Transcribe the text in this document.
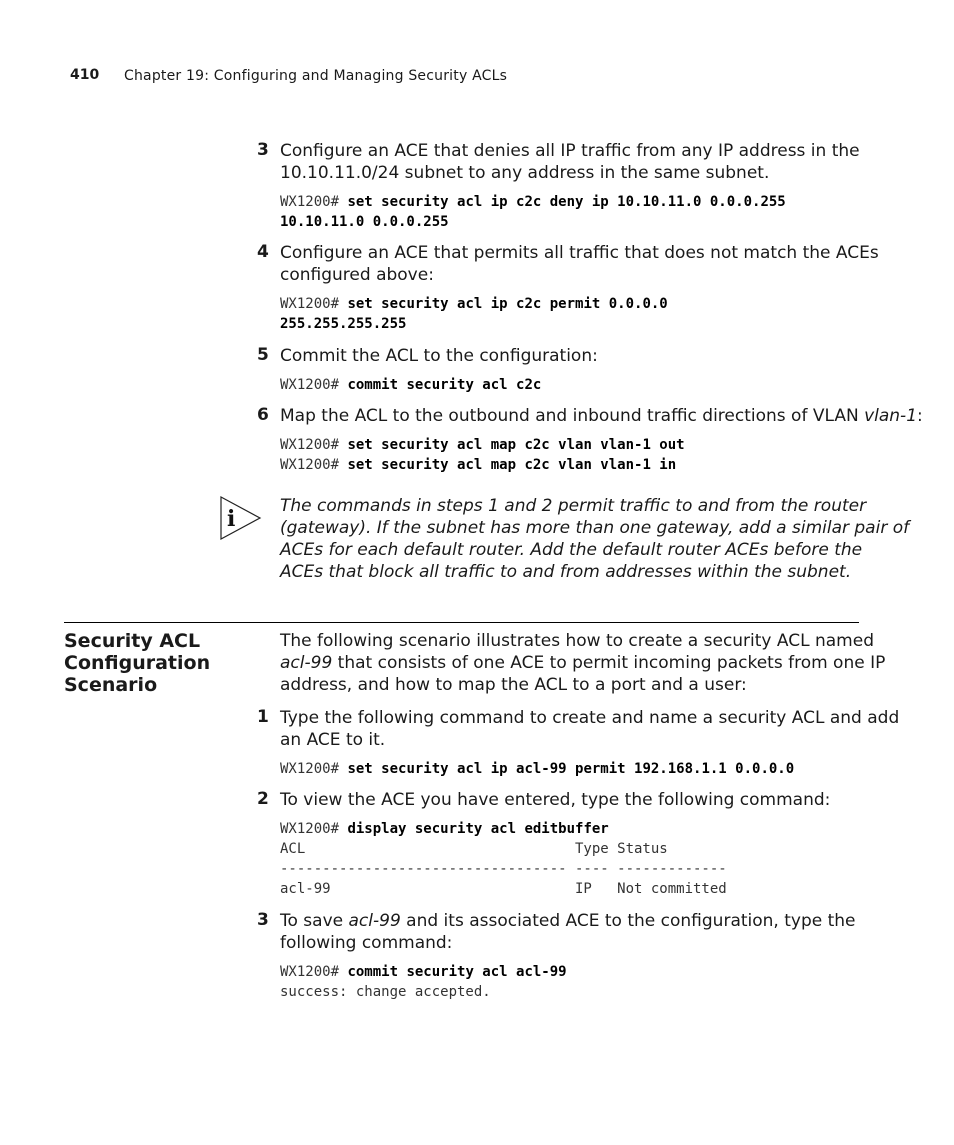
410 Chapter 19: Configuring and Managing Security ACLs
3 Configure an ACE that denies all IP traffic from any IP address in the
10.10.11.0/24 subnet to any address in the same subnet.
WX1200# set security acl ip c2c deny ip 10.10.11.0 0.0.0.255
10.10.11.0 0.0.0.255
4 Configure an ACE that permits all traffic that does not match the ACEs
configured above:
WX1200# set security acl ip c2c permit 0.0.0.0
255.255.255.255
5 Commit the ACL to the configuration:
WX1200# commit security acl c2c
6 Map the ACL to the outbound and inbound traffic directions of VLAN vlan-1:
WX1200# set security acl map c2c vlan vlan-1 out
WX1200# set security acl map c2c vlan vlan-1 in
i	The commands in steps 1 and 2 permit traffic to and from the router
(gateway). If the subnet has more than one gateway, add a similar pair of
ACEs for each default router. Add the default router ACEs before the
ACEs that block all traffic to and from addresses within the subnet.
Security ACL
Configuration
Scenario
The following scenario illustrates how to create a security ACL named
acl-99 that consists of one ACE to permit incoming packets from one IP
address, and how to map the ACL to a port and a user:
1 Type the following command to create and name a security ACL and add
an ACE to it.
WX1200# set security acl ip acl-99 permit 192.168.1.1 0.0.0.0
2 To view the ACE you have entered, type the following command:
WX1200# display security acl editbuffer
ACL                                Type Status
---------------------------------- ---- -------------
acl-99                             IP   Not committed
3 To save acl-99 and its associated ACE to the configuration, type the
following command:
WX1200# commit security acl acl-99
success: change accepted.
